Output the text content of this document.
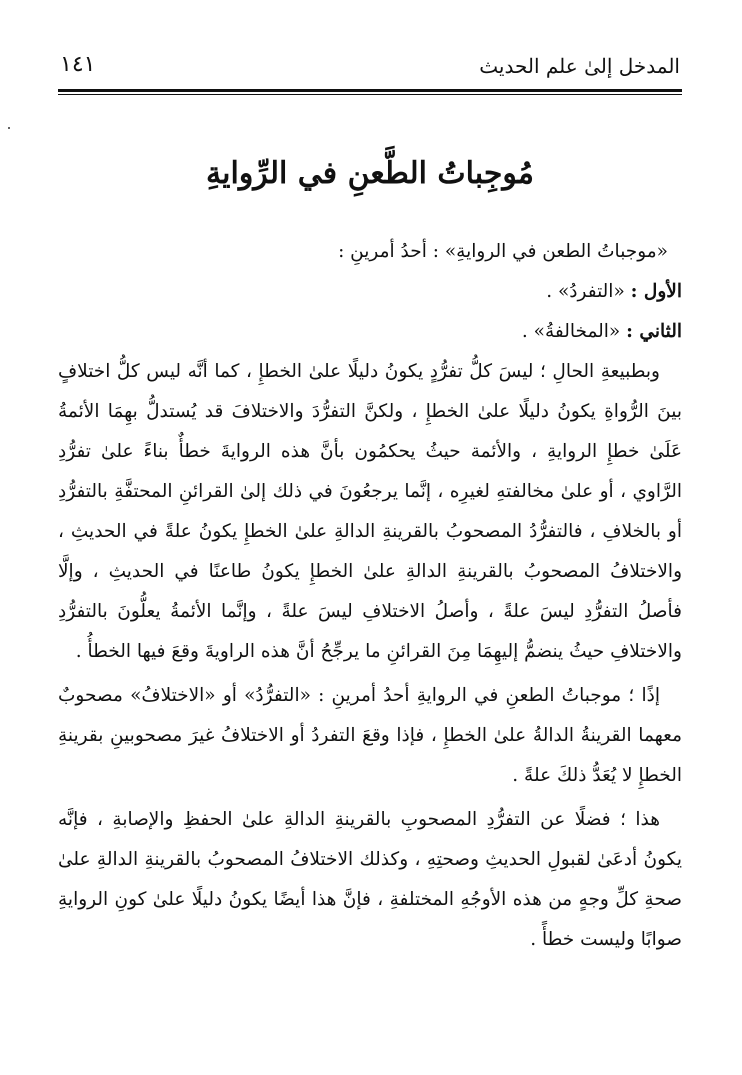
١٤١	المدخل إلىٰ علم الحديث
مُوجِباتُ الطَّعنِ في الرِّوايةِ

«موجباتُ الطعن في الروايةِ» : أحدُ أمرينِ :

الأول : «التفردُ» .

الثاني : «المخالفةُ» .

وبطبيعةِ الحالِ ؛ ليسَ كلُّ تفرُّدٍ يكونُ دليلًا علىٰ الخطإِ ، كما أنَّه ليس كلُّ اختلافٍ بينَ الرُّواةِ يكونُ دليلًا علىٰ الخطإِ ، ولكنَّ التفرُّدَ والاختلافَ قد يُستدلُّ بهِمَا الأئمةُ عَلَىٰ خطإِ الروايةِ ، والأئمة حيثُ يحكمُون بأنَّ هذه الروايةَ خطأٌ بناءً علىٰ تفرُّدِ الرَّاوي ، أو علىٰ مخالفتهِ لغيرِه ، إنَّما يرجعُونَ في ذلك إلىٰ القرائنِ المحتفَّةِ بالتفرُّدِ أو بالخلافِ ، فالتفرُّدُ المصحوبُ بالقرينةِ الدالةِ علىٰ الخطإِ يكونُ علةً في الحديثِ ، والاختلافُ المصحوبُ بالقرينةِ الدالةِ علىٰ الخطإِ يكونُ طاعنًا في الحديثِ ، وإلَّا فأصلُ التفرُّدِ ليسَ علةً ، وأصلُ الاختلافِ ليسَ علةً ، وإنَّما الأئمةُ يعلُّونَ بالتفرُّدِ والاختلافِ حيثُ ينضمُّ إليهِمَا مِنَ القرائنِ ما يرجِّحُ أنَّ هذه الراويةَ وقعَ فيها الخطأُ .

إذًا ؛ موجباتُ الطعنِ في الروايةِ أحدُ أمرينِ : «التفرُّدُ» أو «الاختلافُ» مصحوبٌ معهما القرينةُ الدالةُ علىٰ الخطإِ ، فإذا وقعَ التفردُ أو الاختلافُ غيرَ مصحوبينِ بقرينةِ الخطإِ لا يُعَدُّ ذلكَ علةً .

هذا ؛ فضلًا عن التفرُّدِ المصحوبِ بالقرينةِ الدالةِ علىٰ الحفظِ والإصابةِ ، فإنَّه يكونُ أدعَىٰ لقبولِ الحديثِ وصحتِهِ ، وكذلك الاختلافُ المصحوبُ بالقرينةِ الدالةِ علىٰ صحةِ كلِّ وجهٍ من هذه الأوجُهِ المختلفةِ ، فإنَّ هذا أيضًا يكونُ دليلًا علىٰ كونِ الروايةِ صوابًا وليست خطأً .
